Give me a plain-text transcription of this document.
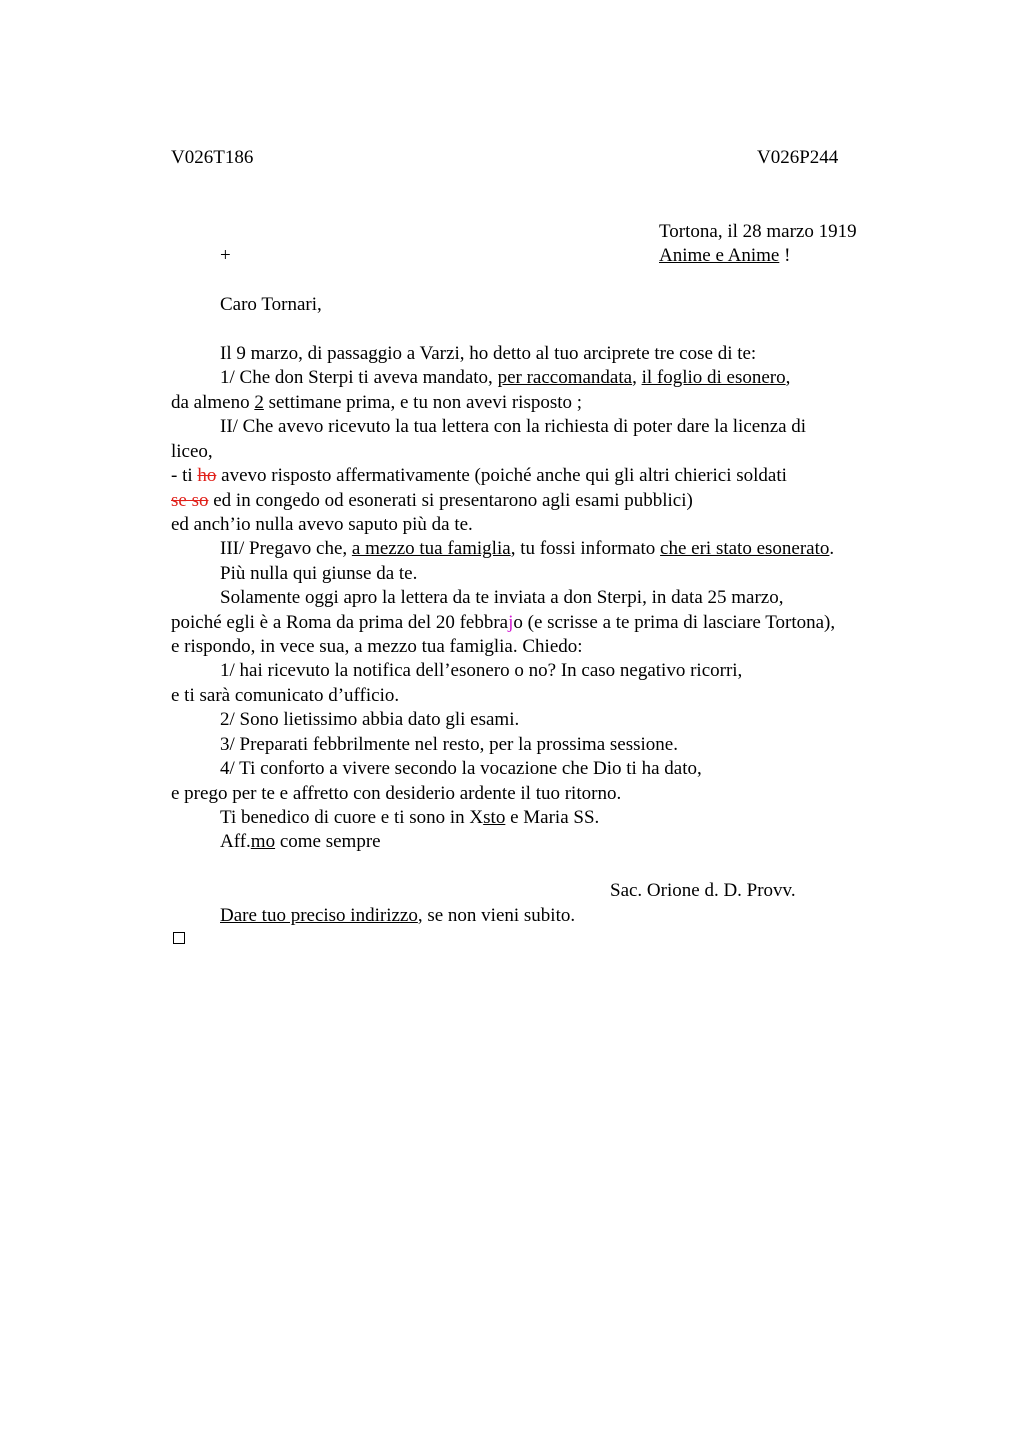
V026T186	V026P244
Tortona, il 28 marzo 1919
+	Anime e Anime !
Caro Tornari,
Il 9 marzo, di passaggio a Varzi, ho detto al tuo arciprete tre cose di te:
1/ Che don Sterpi ti aveva mandato, per raccomandata, il foglio di esonero,
da almeno 2 settimane prima, e tu non avevi risposto ;
II/ Che avevo ricevuto la tua lettera con la richiesta di poter dare la licenza di
liceo,
- ti ho avevo risposto affermativamente (poiché anche qui gli altri chierici soldati
se so ed in congedo od esonerati si presentarono agli esami pubblici)
ed anch’io nulla avevo saputo più da te.
III/ Pregavo che, a mezzo tua famiglia, tu fossi informato che eri stato esonerato.
Più nulla qui giunse da te.
Solamente oggi apro la lettera da te inviata a don Sterpi, in data 25 marzo,
poiché egli è a Roma da prima del 20 febbrajo (e scrisse a te prima di lasciare Tortona),
e rispondo, in vece sua, a mezzo tua famiglia. Chiedo:
1/ hai ricevuto la notifica dell’esonero o no? In caso negativo ricorri,
e ti sarà comunicato d’ufficio.
2/ Sono lietissimo abbia dato gli esami.
3/ Preparati febbrilmente nel resto, per la prossima sessione.
4/ Ti conforto a vivere secondo la vocazione che Dio ti ha dato,
e prego per te e affretto con desiderio ardente il tuo ritorno.
Ti benedico di cuore e ti sono in Xsto e Maria SS.
Aff.mo come sempre
Sac. Orione d. D. Provv.
Dare tuo preciso indirizzo, se non vieni subito.
